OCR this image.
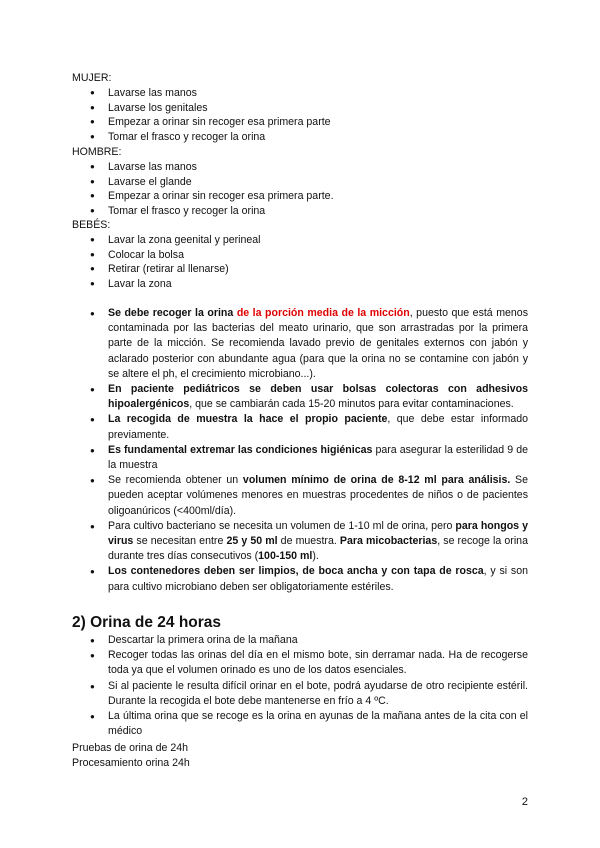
MUJER:
● Lavarse las manos
● Lavarse los genitales
● Empezar a orinar sin recoger esa primera parte
● Tomar el frasco y recoger la orina
HOMBRE:
● Lavarse las manos
● Lavarse el glande
● Empezar a orinar sin recoger esa primera parte.
● Tomar el frasco y recoger la orina
BEBÉS:
● Lavar la zona geenital y perineal
● Colocar la bolsa
● Retirar (retirar al llenarse)
● Lavar la zona
● Se debe recoger la orina de la porción media de la micción, puesto que está menos contaminada por las bacterias del meato urinario, que son arrastradas por la primera parte de la micción. Se recomienda lavado previo de genitales externos con jabón y aclarado posterior con abundante agua (para que la orina no se contamine con jabón y se altere el ph, el crecimiento microbiano...).
● En paciente pediátricos se deben usar bolsas colectoras con adhesivos hipoalergénicos, que se cambiarán cada 15-20 minutos para evitar contaminaciones.
● La recogida de muestra la hace el propio paciente, que debe estar informado previamente.
● Es fundamental extremar las condiciones higiénicas para asegurar la esterilidad 9 de la muestra
● Se recomienda obtener un volumen mínimo de orina de 8-12 ml para análisis. Se pueden aceptar volúmenes menores en muestras procedentes de niños o de pacientes oligoanúricos (<400ml/día).
● Para cultivo bacteriano se necesita un volumen de 1-10 ml de orina, pero para hongos y virus se necesitan entre 25 y 50 ml de muestra. Para micobacterias, se recoge la orina durante tres días consecutivos (100-150 ml).
● Los contenedores deben ser limpios, de boca ancha y con tapa de rosca, y si son para cultivo microbiano deben ser obligatoriamente estériles.
2) Orina de 24 horas
● Descartar la primera orina de la mañana
● Recoger todas las orinas del día en el mismo bote, sin derramar nada. Ha de recogerse toda ya que el volumen orinado es uno de los datos esenciales.
● Si al paciente le resulta difícil orinar en el bote, podrá ayudarse de otro recipiente estéril. Durante la recogida el bote debe mantenerse en frío a 4 ºC.
● La última orina que se recoge es la orina en ayunas de la mañana antes de la cita con el médico
Pruebas de orina de 24h
Procesamiento orina 24h
2
